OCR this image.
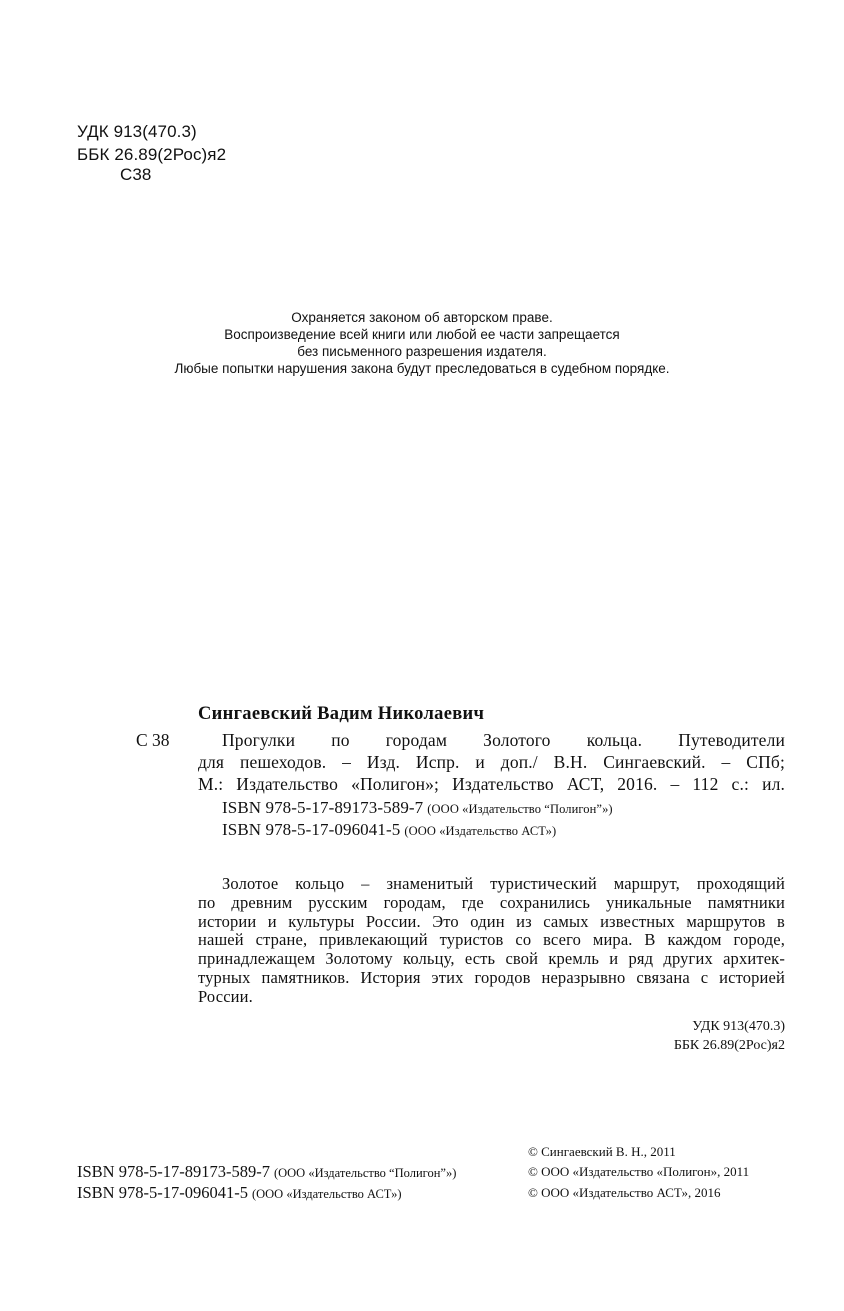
УДК 913(470.3)
ББК 26.89(2Рос)я2
С38
Охраняется законом об авторском праве.
Воспроизведение всей книги или любой ее части запрещается
без письменного разрешения издателя.
Любые попытки нарушения закона будут преследоваться в судебном порядке.
Сингаевский Вадим Николаевич
С 38	Прогулки по городам Золотого кольца. Путеводители
для пешеходов. – Изд. Испр. и доп./ В.Н. Сингаевский. – СПб;
М.: Издательство «Полигон»; Издательство АСТ, 2016. – 112 с.: ил.
ISBN 978-5-17-89173-589-7 (ООО «Издательство “Полигон”»)
ISBN 978-5-17-096041-5 (ООО «Издательство АСТ»)
Золотое кольцо – знаменитый туристический маршрут, проходящий
по древним русским городам, где сохранились уникальные памятники
истории и культуры России. Это один из самых известных маршрутов в
нашей стране, привлекающий туристов со всего мира. В каждом городе,
принадлежащем Золотому кольцу, есть свой кремль и ряд других архитек-
турных памятников. История этих городов неразрывно связана с историей
России.
УДК 913(470.3)
ББК 26.89(2Рос)я2
© Сингаевский В. Н., 2011
ISBN 978-5-17-89173-589-7 (ООО «Издательство “Полигон”»)	© ООО «Издательство «Полигон», 2011
ISBN 978-5-17-096041-5 (ООО «Издательство АСТ»)	© ООО «Издательство АСТ», 2016
